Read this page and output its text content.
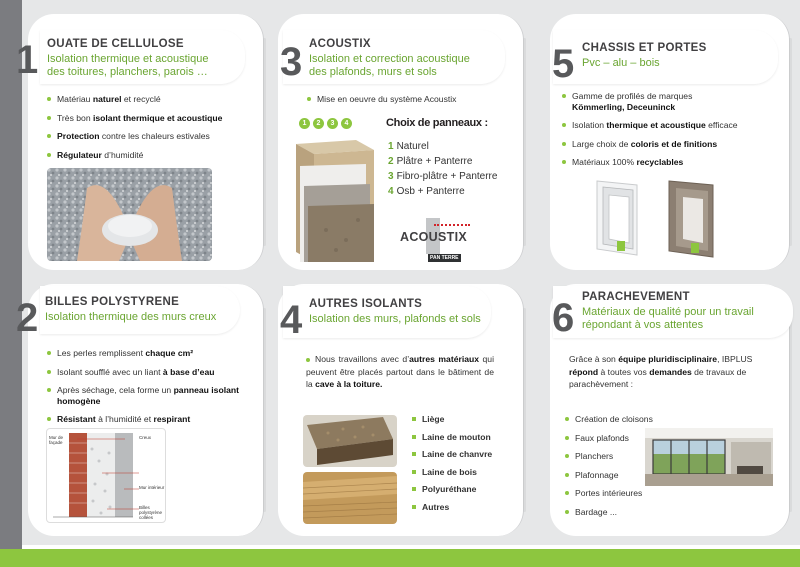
1 OUATE DE CELLULOSE
Isolation thermique et acoustique
des toitures, planchers, parois …
Matériau naturel et recyclé
Très bon isolant thermique et acoustique
Protection contre les chaleurs estivales
Régulateur d’humidité
2 BILLES POLYSTYRENE
Isolation thermique des murs creux
Les perles remplissent chaque cm²
Isolant soufflé avec un liant à base d’eau
Après séchage, cela forme un panneau isolant homogène
Résistant à l’humidité et respirant
Mur de façade
Creux
Mur intérieur
Billes polystyrène collées
3 ACOUSTIX
Isolation et correction acoustique
des plafonds, murs et sols
Mise en oeuvre du système Acoustix
1	2	3	4	Choix de panneaux :
1 Naturel
2 Plâtre + Panterre
3 Fibro-plâtre + Panterre
4 Osb + Panterre
ACOUSTIX
PAN TERRE
4 AUTRES ISOLANTS
Isolation des murs, plafonds et sols
Nous travaillons avec d’autres matériaux qui peuvent être placés partout dans le bâtiment de la cave à la toiture.
Liège
Laine de mouton
Laine de chanvre
Laine de bois
Polyuréthane
Autres
5 CHASSIS ET PORTES
Pvc – alu – bois
Gamme de profilés de marques
Kömmerling, Deceuninck
Isolation thermique et acoustique efficace
Large choix de coloris et de finitions
Matériaux 100% recyclables
6 PARACHEVEMENT
Matériaux de qualité pour un travail
répondant à vos attentes
Grâce à son équipe pluridisciplinaire, IBPLUS répond à toutes vos demandes de travaux de parachèvement :
Création de cloisons
Faux plafonds
Planchers
Plafonnage
Portes intérieures
Bardage ...
